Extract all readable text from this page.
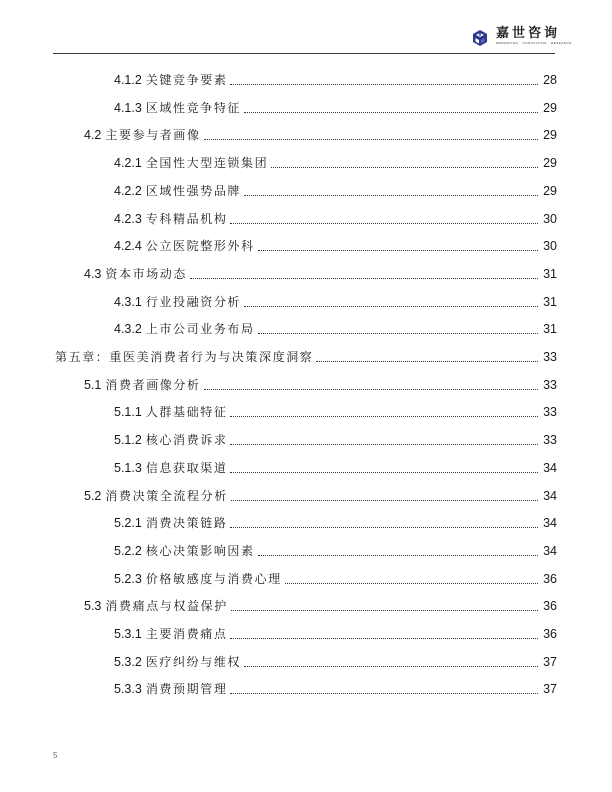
嘉世咨询
MARKETING · CONSULTING · RESEARCH
4.1.2 关键竞争要素	28
4.1.3 区域性竞争特征	29
4.2 主要参与者画像	29
4.2.1 全国性大型连锁集团	29
4.2.2 区域性强势品牌	29
4.2.3 专科精品机构	30
4.2.4 公立医院整形外科	30
4.3 资本市场动态	31
4.3.1 行业投融资分析	31
4.3.2 上市公司业务布局	31
第五章：重医美消费者行为与决策深度洞察	33
5.1 消费者画像分析	33
5.1.1 人群基础特征	33
5.1.2 核心消费诉求	33
5.1.3 信息获取渠道	34
5.2 消费决策全流程分析	34
5.2.1 消费决策链路	34
5.2.2 核心决策影响因素	34
5.2.3 价格敏感度与消费心理	36
5.3 消费痛点与权益保护	36
5.3.1 主要消费痛点	36
5.3.2 医疗纠纷与维权	37
5.3.3 消费预期管理	37
5
